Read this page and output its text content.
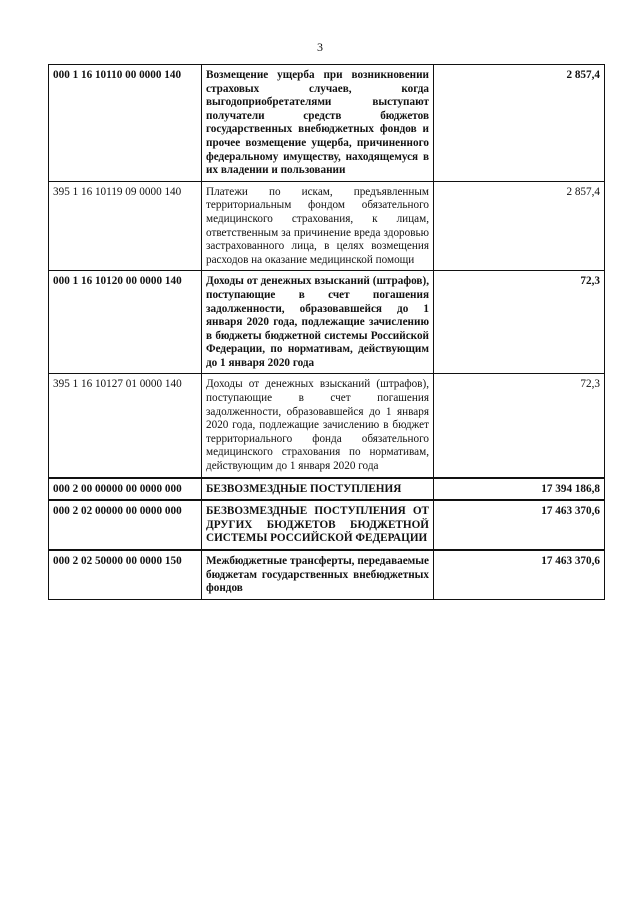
3
000 1 16 10110 00 0000 140	Возмещение ущерба при возникновении страховых случаев, когда выгодоприобретателями выступают получатели средств бюджетов государственных внебюджетных фондов и прочее возмещение ущерба, причиненного федеральному имуществу, находящемуся в их владении и пользовании	2 857,4
395 1 16 10119 09 0000 140	Платежи по искам, предъявленным территориальным фондом обязательного медицинского страхования, к лицам, ответственным за причинение вреда здоровью застрахованного лица, в целях возмещения расходов на оказание медицинской помощи	2 857,4
000 1 16 10120 00 0000 140	Доходы от денежных взысканий (штрафов), поступающие в счет погашения задолженности, образовавшейся до 1 января 2020 года, подлежащие зачислению в бюджеты бюджетной системы Российской Федерации, по нормативам, действующим до 1 января 2020 года	72,3
395 1 16 10127 01 0000 140	Доходы от денежных взысканий (штрафов), поступающие в счет погашения задолженности, образовавшейся до 1 января 2020 года, подлежащие зачислению в бюджет территориального фонда обязательного медицинского страхования по нормативам, действующим до 1 января 2020 года	72,3
000 2 00 00000 00 0000 000	БЕЗВОЗМЕЗДНЫЕ ПОСТУПЛЕНИЯ	17 394 186,8
000 2 02 00000 00 0000 000	БЕЗВОЗМЕЗДНЫЕ ПОСТУПЛЕНИЯ ОТ ДРУГИХ БЮДЖЕТОВ БЮДЖЕТНОЙ СИСТЕМЫ РОССИЙСКОЙ ФЕДЕРАЦИИ	17 463 370,6
000 2 02 50000 00 0000 150	Межбюджетные трансферты, передаваемые бюджетам государственных внебюджетных фондов	17 463 370,6
